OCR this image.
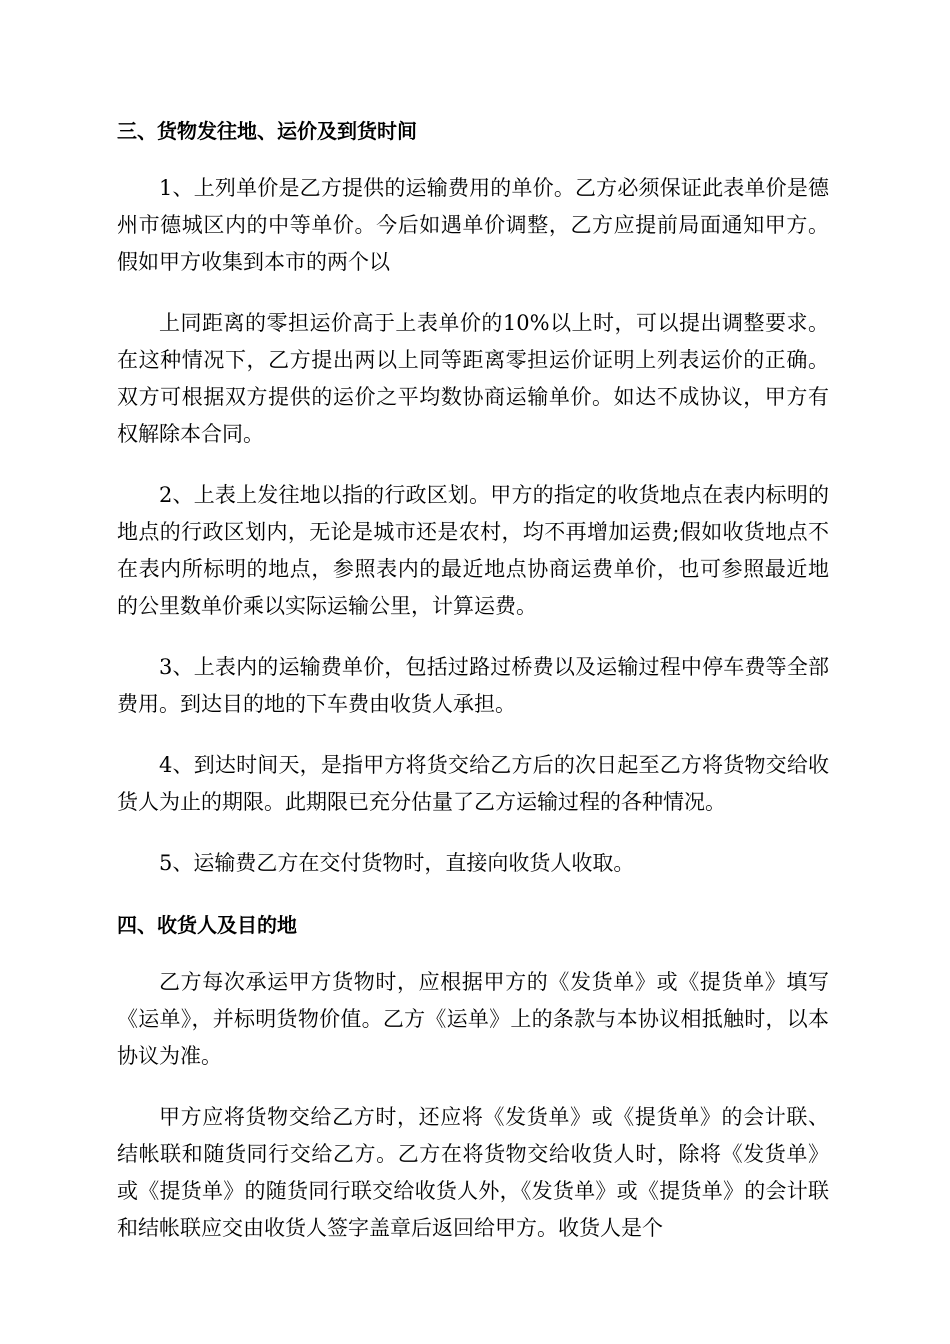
三、货物发往地、运价及到货时间

1、上列单价是乙方提供的运输费用的单价。乙方必须保证此表单价是德州市德城区内的中等单价。今后如遇单价调整，乙方应提前局面通知甲方。假如甲方收集到本市的两个以

上同距离的零担运价高于上表单价的10%以上时，可以提出调整要求。在这种情况下，乙方提出两以上同等距离零担运价证明上列表运价的正确。双方可根据双方提供的运价之平均数协商运输单价。如达不成协议，甲方有权解除本合同。

2、上表上发往地以指的行政区划。甲方的指定的收货地点在表内标明的地点的行政区划内，无论是城市还是农村，均不再增加运费;假如收货地点不在表内所标明的地点，参照表内的最近地点协商运费单价，也可参照最近地的公里数单价乘以实际运输公里，计算运费。

3、上表内的运输费单价，包括过路过桥费以及运输过程中停车费等全部费用。到达目的地的下车费由收货人承担。

4、到达时间天，是指甲方将货交给乙方后的次日起至乙方将货物交给收货人为止的期限。此期限已充分估量了乙方运输过程的各种情况。

5、运输费乙方在交付货物时，直接向收货人收取。

四、收货人及目的地

乙方每次承运甲方货物时，应根据甲方的《发货单》或《提货单》填写《运单》，并标明货物价值。乙方《运单》上的条款与本协议相抵触时，以本协议为准。

甲方应将货物交给乙方时，还应将《发货单》或《提货单》的会计联、结帐联和随货同行交给乙方。乙方在将货物交给收货人时，除将《发货单》或《提货单》的随货同行联交给收货人外，《发货单》或《提货单》的会计联和结帐联应交由收货人签字盖章后返回给甲方。收货人是个
